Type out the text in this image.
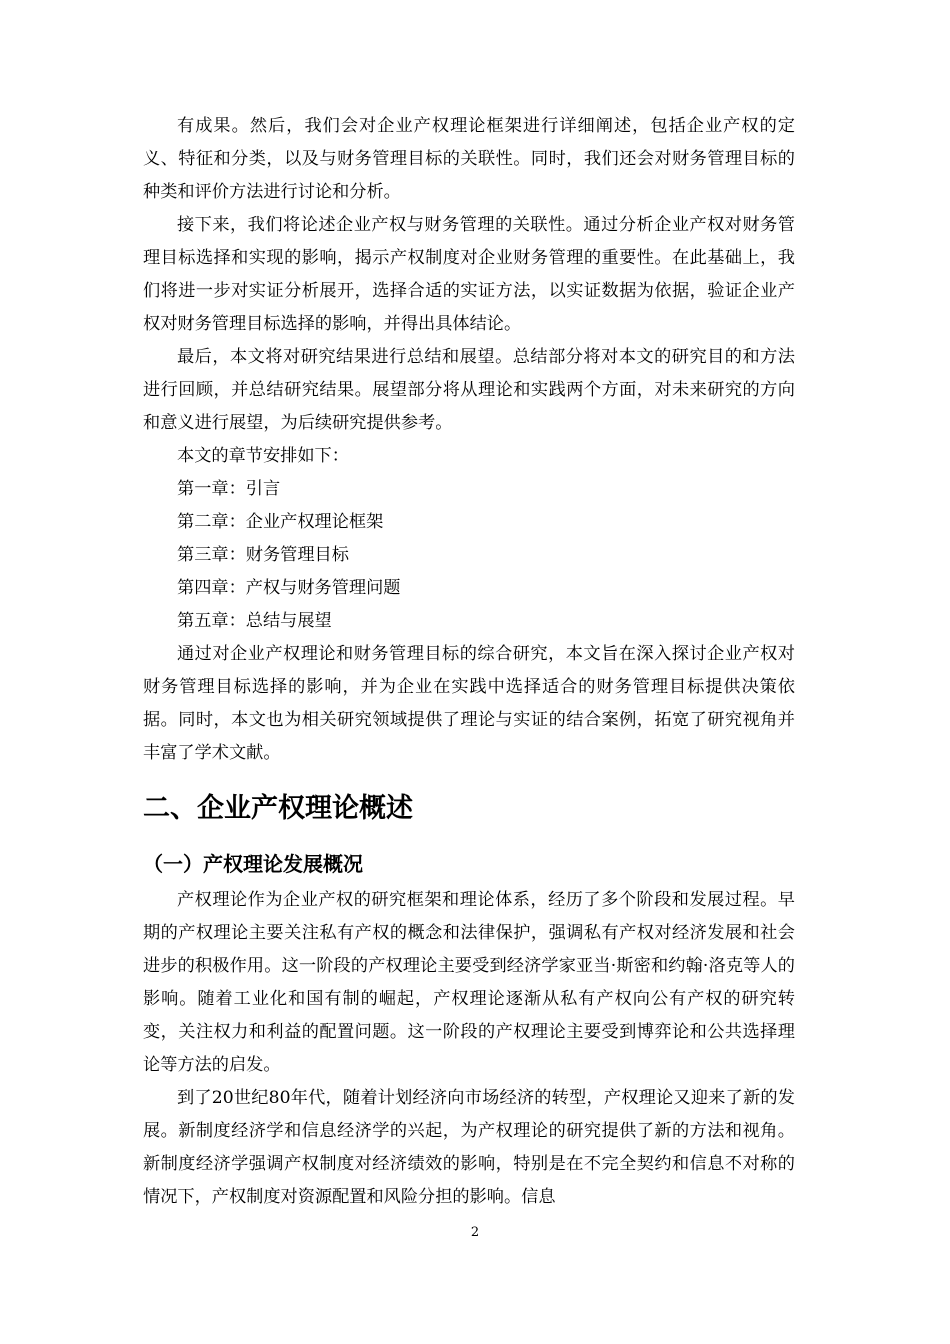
有成果。然后，我们会对企业产权理论框架进行详细阐述，包括企业产权的定义、特征和分类，以及与财务管理目标的关联性。同时，我们还会对财务管理目标的种类和评价方法进行讨论和分析。

接下来，我们将论述企业产权与财务管理的关联性。通过分析企业产权对财务管理目标选择和实现的影响，揭示产权制度对企业财务管理的重要性。在此基础上，我们将进一步对实证分析展开，选择合适的实证方法，以实证数据为依据，验证企业产权对财务管理目标选择的影响，并得出具体结论。

最后，本文将对研究结果进行总结和展望。总结部分将对本文的研究目的和方法进行回顾，并总结研究结果。展望部分将从理论和实践两个方面，对未来研究的方向和意义进行展望，为后续研究提供参考。

本文的章节安排如下：

第一章：引言

第二章：企业产权理论框架

第三章：财务管理目标

第四章：产权与财务管理问题

第五章：总结与展望

通过对企业产权理论和财务管理目标的综合研究，本文旨在深入探讨企业产权对财务管理目标选择的影响，并为企业在实践中选择适合的财务管理目标提供决策依据。同时，本文也为相关研究领域提供了理论与实证的结合案例，拓宽了研究视角并丰富了学术文献。

二、企业产权理论概述
（一）产权理论发展概况

产权理论作为企业产权的研究框架和理论体系，经历了多个阶段和发展过程。早期的产权理论主要关注私有产权的概念和法律保护，强调私有产权对经济发展和社会进步的积极作用。这一阶段的产权理论主要受到经济学家亚当·斯密和约翰·洛克等人的影响。随着工业化和国有制的崛起，产权理论逐渐从私有产权向公有产权的研究转变，关注权力和利益的配置问题。这一阶段的产权理论主要受到博弈论和公共选择理论等方法的启发。

到了20世纪80年代，随着计划经济向市场经济的转型，产权理论又迎来了新的发展。新制度经济学和信息经济学的兴起，为产权理论的研究提供了新的方法和视角。新制度经济学强调产权制度对经济绩效的影响，特别是在不完全契约和信息不对称的情况下，产权制度对资源配置和风险分担的影响。信息

2
